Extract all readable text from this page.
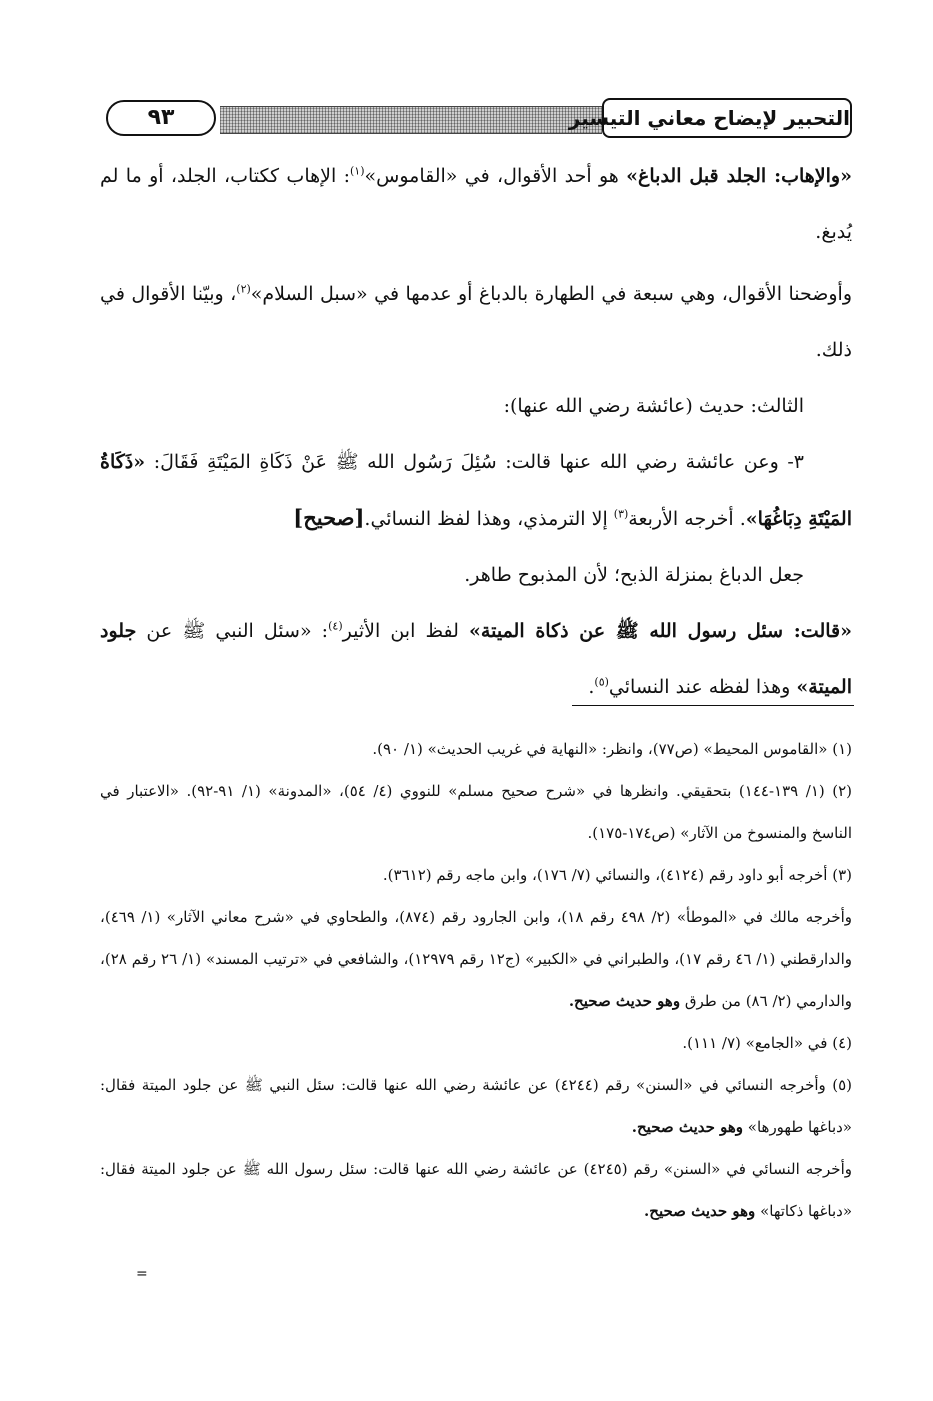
٩٣	التحبير لإيضاح معاني التيسير

«والإهاب: الجلد قبل الدباغ» هو أحد الأقوال، في «القاموس»$^{(١)}$: الإهاب ككتاب، الجلد، أو ما لم يُدبغ.

وأوضحنا الأقوال، وهي سبعة في الطهارة بالدباغ أو عدمها في «سبل السلام»$^{(٢)}$، وبيّنا الأقوال في ذلك.

الثالث: حديث (عائشة رضي الله عنها):

٣- وعن عائشة رضي الله عنها قالت: سُئِلَ رَسُول الله ﷺ عَنْ ذَكَاةِ المَيْتَةِ فَقَالَ: «ذَكَاةُ المَيْتَةِ دِبَاغُهَا». أخرجه الأربعة$^{(٣)}$ إلا الترمذي، وهذا لفظ النسائي.[صحيح]

جعل الدباغ بمنزلة الذبح؛ لأن المذبوح طاهر.

«قالت: سئل رسول الله ﷺ عن ذكاة الميتة» لفظ ابن الأثير$^{(٤)}$: «سئل النبي ﷺ عن جلود الميتة» وهذا لفظه عند النسائي$^{(٥)}$.

(١) «القاموس المحيط» (ص٧٧)، وانظر: «النهاية في غريب الحديث» (١/ ٩٠).

(٢) (١/ ١٣٩-١٤٤) بتحقيقي. وانظرها في «شرح صحيح مسلم» للنووي (٤/ ٥٤)، «المدونة» (١/ ٩١-٩٢). «الاعتبار في الناسخ والمنسوخ من الآثار» (ص١٧٤-١٧٥).

(٣) أخرجه أبو داود رقم (٤١٢٤)، والنسائي (٧/ ١٧٦)، وابن ماجه رقم (٣٦١٢).

وأخرجه مالك في «الموطأ» (٢/ ٤٩٨ رقم ١٨)، وابن الجارود رقم (٨٧٤)، والطحاوي في «شرح معاني الآثار» (١/ ٤٦٩)، والدارقطني (١/ ٤٦ رقم ١٧)، والطبراني في «الكبير» (ج١٢ رقم ١٢٩٧٩)، والشافعي في «ترتيب المسند» (١/ ٢٦ رقم ٢٨)، والدارمي (٢/ ٨٦) من طرق وهو حديث صحيح.

(٤) في «الجامع» (٧/ ١١١).

(٥) وأخرجه النسائي في «السنن» رقم (٤٢٤٤) عن عائشة رضي الله عنها قالت: سئل النبي ﷺ عن جلود الميتة فقال: «دباغها طهورها» وهو حديث صحيح.

وأخرجه النسائي في «السنن» رقم (٤٢٤٥) عن عائشة رضي الله عنها قالت: سئل رسول الله ﷺ عن جلود الميتة فقال: «دباغها ذكاتها» وهو حديث صحيح.

=
